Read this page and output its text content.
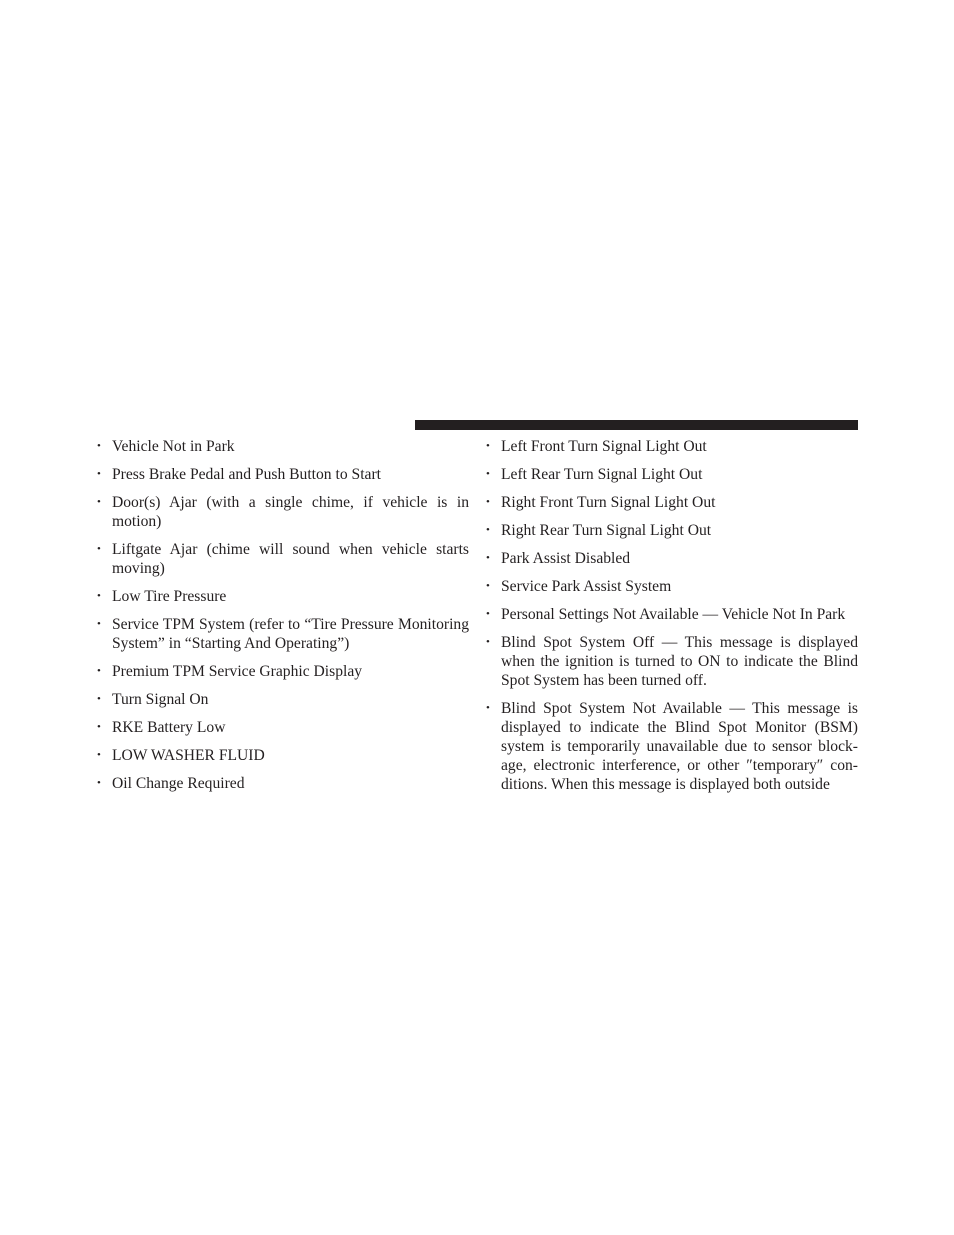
• Vehicle Not in Park
• Press Brake Pedal and Push Button to Start
• Door(s) Ajar (with a single chime, if vehicle is in motion)
• Liftgate Ajar (chime will sound when vehicle starts moving)
• Low Tire Pressure
• Service TPM System (refer to “Tire Pressure Monitoring System” in “Starting And Operating”)
• Premium TPM Service Graphic Display
• Turn Signal On
• RKE Battery Low
• LOW WASHER FLUID
• Oil Change Required
• Left Front Turn Signal Light Out
• Left Rear Turn Signal Light Out
• Right Front Turn Signal Light Out
• Right Rear Turn Signal Light Out
• Park Assist Disabled
• Service Park Assist System
• Personal Settings Not Available — Vehicle Not In Park
• Blind Spot System Off — This message is displayed when the ignition is turned to ON to indicate the Blind Spot System has been turned off.
• Blind Spot System Not Available — This message is displayed to indicate the Blind Spot Monitor (BSM) system is temporarily unavailable due to sensor blockage, electronic interference, or other ″temporary″ conditions. When this message is displayed both outside
